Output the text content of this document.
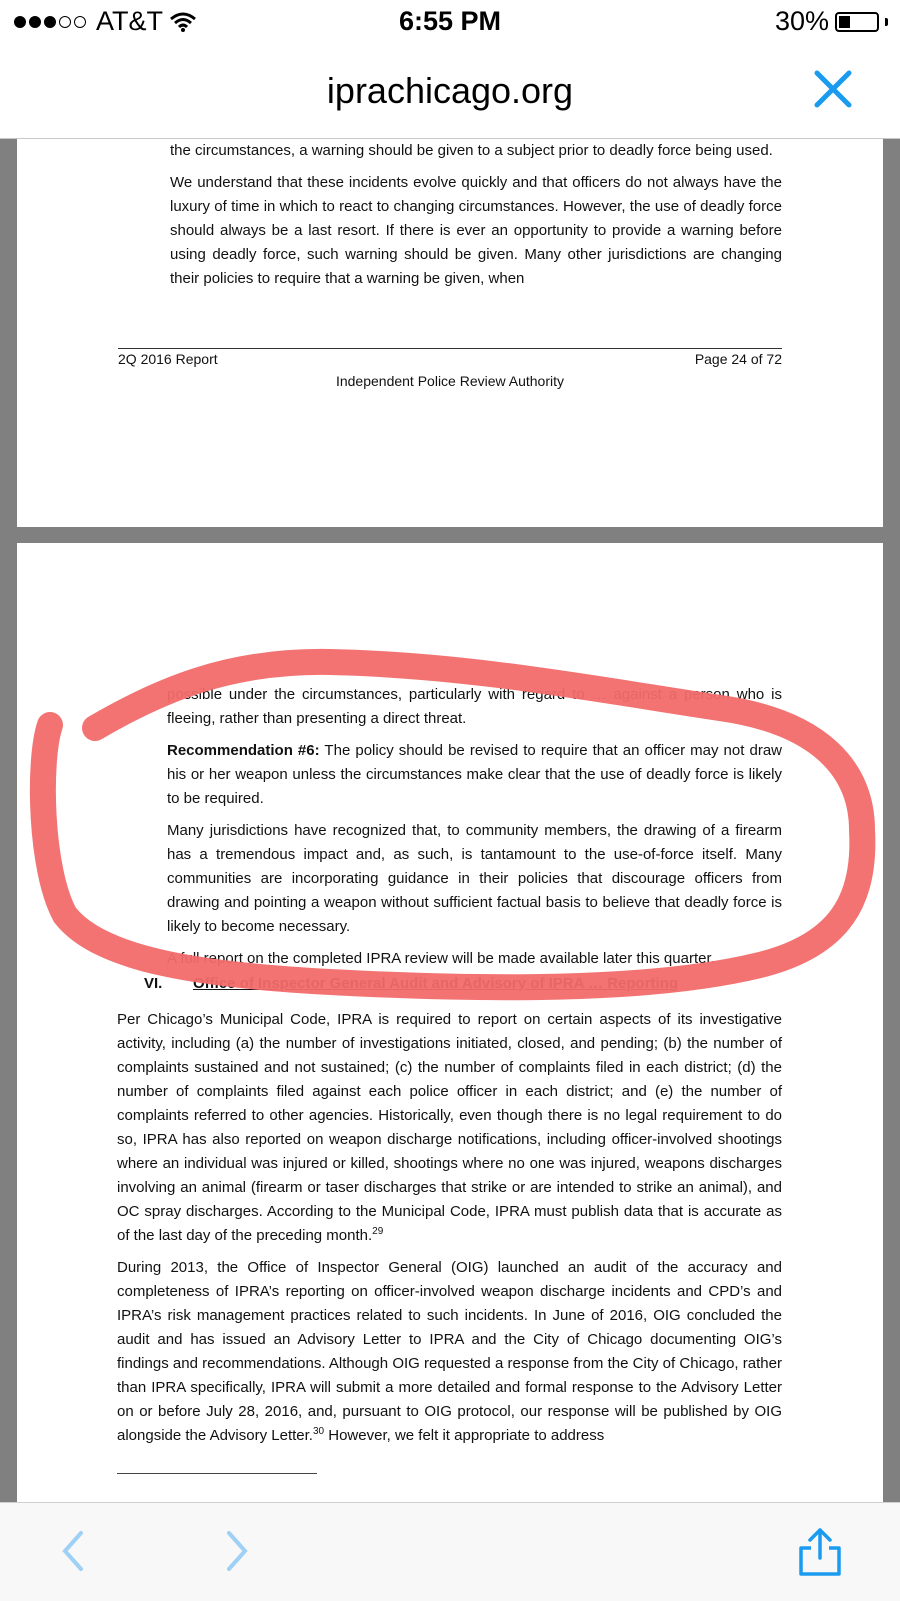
AT&T	6:55 PM	30%
iprachicago.org

the circumstances, a warning should be given to a subject prior to deadly force being used.

We understand that these incidents evolve quickly and that officers do not always have the luxury of time in which to react to changing circumstances. However, the use of deadly force should always be a last resort. If there is ever an opportunity to provide a warning before using deadly force, such warning should be given. Many other jurisdictions are changing their policies to require that a warning be given, when

2Q 2016 Report	Page 24 of 72
Independent Police Review Authority

possible under the circumstances, particularly with regard to … against a person who is fleeing, rather than presenting a direct threat.

Recommendation #6: The policy should be revised to require that an officer may not draw his or her weapon unless the circumstances make clear that the use of deadly force is likely to be required.

Many jurisdictions have recognized that, to community members, the drawing of a firearm has a tremendous impact and, as such, is tantamount to the use-of-force itself. Many communities are incorporating guidance in their policies that discourage officers from drawing and pointing a weapon without sufficient factual basis to believe that deadly force is likely to become necessary.

A full report on the completed IPRA review will be made available later this quarter.

VI. Office of Inspector General Audit and Advisory of IPRA … Reporting

Per Chicago’s Municipal Code, IPRA is required to report on certain aspects of its investigative activity, including (a) the number of investigations initiated, closed, and pending; (b) the number of complaints sustained and not sustained; (c) the number of complaints filed in each district; (d) the number of complaints filed against each police officer in each district; and (e) the number of complaints referred to other agencies. Historically, even though there is no legal requirement to do so, IPRA has also reported on weapon discharge notifications, including officer-involved shootings where an individual was injured or killed, shootings where no one was injured, weapons discharges involving an animal (firearm or taser discharges that strike or are intended to strike an animal), and OC spray discharges. According to the Municipal Code, IPRA must publish data that is accurate as of the last day of the preceding month.$^{29}$

During 2013, the Office of Inspector General (OIG) launched an audit of the accuracy and completeness of IPRA’s reporting on officer-involved weapon discharge incidents and CPD’s and IPRA’s risk management practices related to such incidents. In June of 2016, OIG concluded the audit and has issued an Advisory Letter to IPRA and the City of Chicago documenting OIG’s findings and recommendations. Although OIG requested a response from the City of Chicago, rather than IPRA specifically, IPRA will submit a more detailed and formal response to the Advisory Letter on or before July 28, 2016, and, pursuant to OIG protocol, our response will be published by OIG alongside the Advisory Letter.$^{30}$ However, we felt it appropriate to address
